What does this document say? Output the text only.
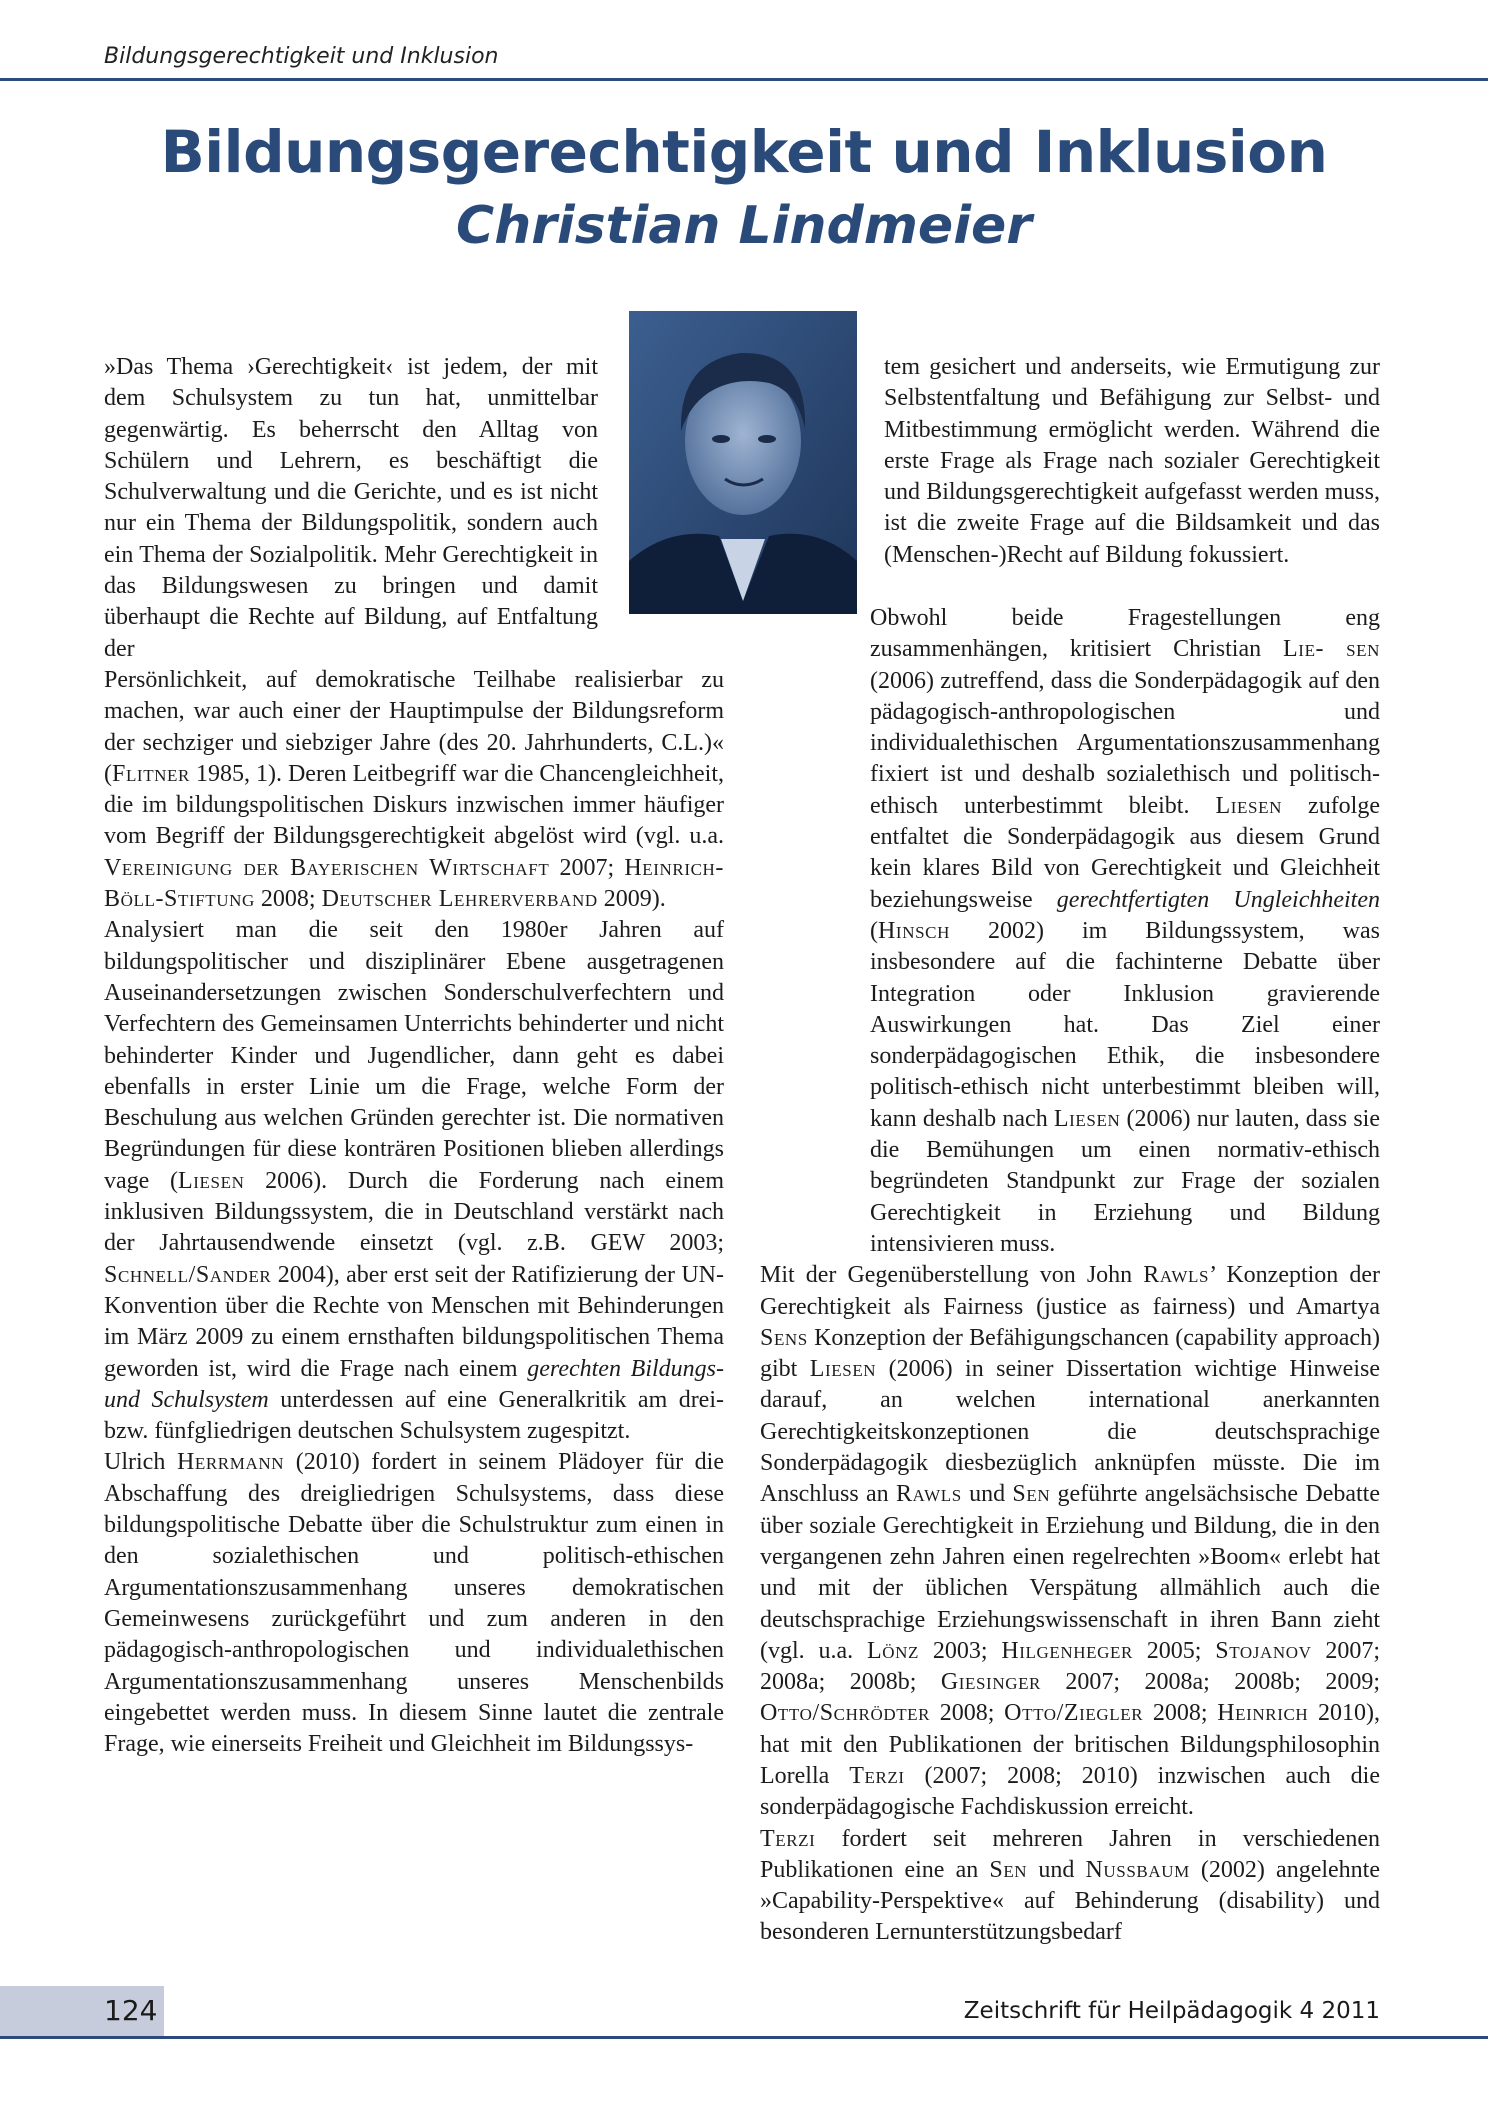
Bildungsgerechtigkeit und Inklusion
Bildungsgerechtigkeit und Inklusion
Christian Lindmeier

»Das Thema ›Gerechtigkeit‹ ist jedem, der mit dem Schulsystem zu tun hat, unmittelbar gegenwärtig. Es beherrscht den Alltag von Schülern und Lehrern, es beschäftigt die Schulverwaltung und die Gerichte, und es ist nicht nur ein Thema der Bildungspolitik, sondern auch ein Thema der Sozialpolitik. Mehr Gerechtigkeit in das Bildungswesen zu bringen und damit überhaupt die Rechte auf Bildung, auf Entfaltung der

Persönlichkeit, auf demokratische Teilhabe realisierbar zu machen, war auch einer der Hauptimpulse der Bildungsreform der sechziger und siebziger Jahre (des 20. Jahrhunderts, C.L.)« (Flitner 1985, 1). Deren Leitbegriff war die Chancengleichheit, die im bildungspolitischen Diskurs inzwischen immer häufiger vom Begriff der Bildungsgerechtigkeit abgelöst wird (vgl. u.a. Vereinigung der Bayerischen Wirtschaft 2007; Heinrich-Böll-Stiftung 2008; Deutscher Lehrerverband 2009).

Analysiert man die seit den 1980er Jahren auf bildungspolitischer und disziplinärer Ebene ausgetragenen Auseinandersetzungen zwischen Sonderschulverfechtern und Verfechtern des Gemeinsamen Unterrichts behinderter und nicht behinderter Kinder und Jugendlicher, dann geht es dabei ebenfalls in erster Linie um die Frage, welche Form der Beschulung aus welchen Gründen gerechter ist. Die normativen Begründungen für diese konträren Positionen blieben allerdings vage (Liesen 2006). Durch die Forderung nach einem inklusiven Bildungssystem, die in Deutschland verstärkt nach der Jahrtausendwende einsetzt (vgl. z.B. GEW 2003; Schnell/Sander 2004), aber erst seit der Ratifizierung der UN-Konvention über die Rechte von Menschen mit Behinderungen im März 2009 zu einem ernsthaften bildungspolitischen Thema geworden ist, wird die Frage nach einem gerechten Bildungs- und Schulsystem unterdessen auf eine Generalkritik am drei- bzw. fünfgliedrigen deutschen Schulsystem zugespitzt.

Ulrich Herrmann (2010) fordert in seinem Plädoyer für die Abschaffung des dreigliedrigen Schulsystems, dass diese bildungspolitische Debatte über die Schulstruktur zum einen in den sozialethischen und politisch-ethischen Argumentationszusammenhang unseres demokratischen Gemeinwesens zurückgeführt und zum anderen in den pädagogisch-anthropologischen und individualethischen Argumentationszusammenhang unseres Menschenbilds eingebettet werden muss. In diesem Sinne lautet die zentrale Frage, wie einerseits Freiheit und Gleichheit im Bildungssys-

tem gesichert und anderseits, wie Ermutigung zur Selbstentfaltung und Befähigung zur Selbst- und Mitbestimmung ermöglicht werden. Während die erste Frage als Frage nach sozialer Gerechtigkeit und Bildungsgerechtigkeit aufgefasst werden muss, ist die zweite Frage auf die Bildsamkeit und das (Menschen-)Recht auf Bildung fokussiert.

Obwohl beide Fragestellungen eng zusammenhängen, kritisiert Christian Lie- sen (2006) zutreffend, dass die Sonderpädagogik auf den pädagogisch-anthropologischen und individualethischen Argumentationszusammenhang fixiert ist und deshalb sozialethisch und politisch-ethisch unterbestimmt bleibt. Liesen zufolge entfaltet die Sonderpädagogik aus diesem Grund kein klares Bild von Gerechtigkeit und Gleichheit beziehungsweise gerechtfertigten Ungleichheiten (Hinsch 2002) im Bildungssystem, was insbesondere auf die fachinterne Debatte über Integration oder Inklusion gravierende Auswirkungen hat. Das Ziel einer sonderpädagogischen Ethik, die insbesondere politisch-ethisch nicht unterbestimmt bleiben will, kann deshalb nach Liesen (2006) nur lauten, dass sie die Bemühungen um einen normativ-ethisch begründeten Standpunkt zur Frage der sozialen Gerechtigkeit in Erziehung und Bildung intensivieren muss.

Mit der Gegenüberstellung von John Rawls’ Konzeption der Gerechtigkeit als Fairness (justice as fairness) und Amartya Sens Konzeption der Befähigungschancen (capability approach) gibt Liesen (2006) in seiner Dissertation wichtige Hinweise darauf, an welchen international anerkannten Gerechtigkeitskonzeptionen die deutschsprachige Sonderpädagogik diesbezüglich anknüpfen müsste. Die im Anschluss an Rawls und Sen geführte angelsächsische Debatte über soziale Gerechtigkeit in Erziehung und Bildung, die in den vergangenen zehn Jahren einen regelrechten »Boom« erlebt hat und mit der üblichen Verspätung allmählich auch die deutschsprachige Erziehungswissenschaft in ihren Bann zieht (vgl. u.a. Lönz 2003; Hilgenheger 2005; Stojanov 2007; 2008a; 2008b; Giesinger 2007; 2008a; 2008b; 2009; Otto/Schrödter 2008; Otto/Ziegler 2008; Heinrich 2010), hat mit den Publikationen der britischen Bildungsphilosophin Lorella Terzi (2007; 2008; 2010) inzwischen auch die sonderpädagogische Fachdiskussion erreicht.

Terzi fordert seit mehreren Jahren in verschiedenen Publikationen eine an Sen und Nussbaum (2002) angelehnte »Capability-Perspektive« auf Behinderung (disability) und besonderen Lernunterstützungsbedarf

124	Zeitschrift für Heilpädagogik 4 2011
